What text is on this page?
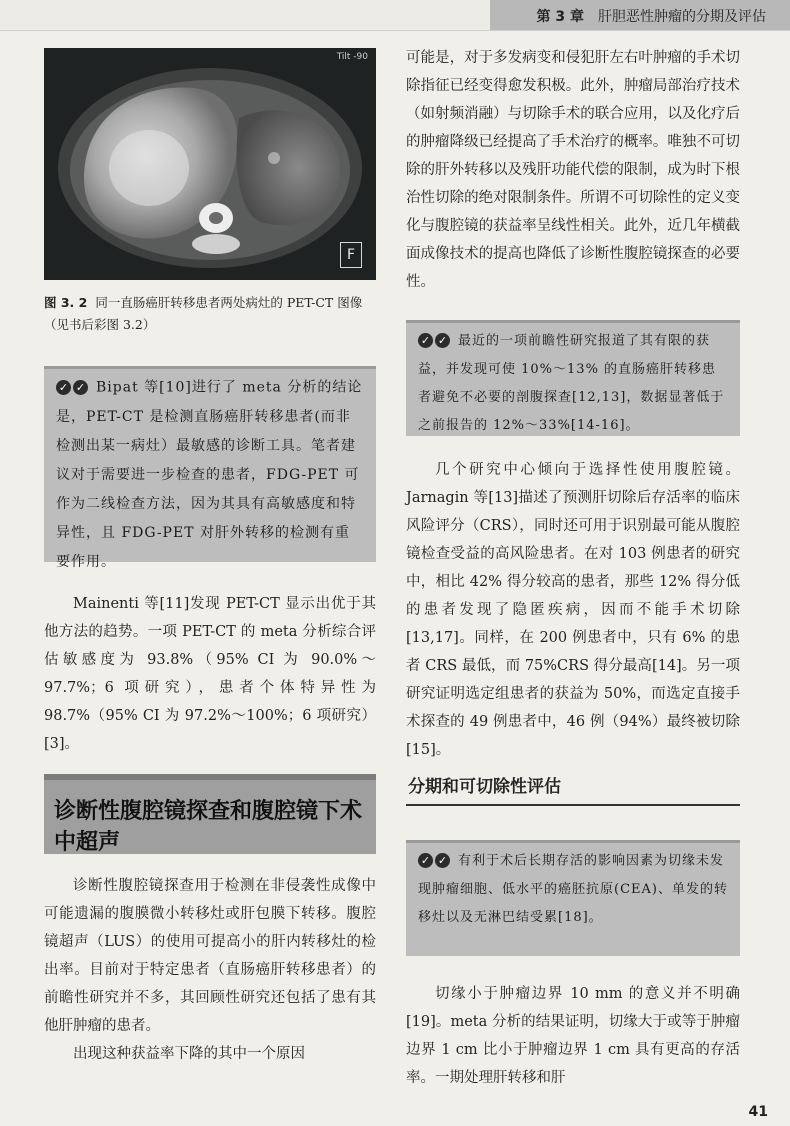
第 3 章 肝胆恶性肿瘤的分期及评估
Tilt -90
F
图 3. 2 同一直肠癌肝转移患者两处病灶的 PET-CT 图像（见书后彩图 3.2）
✓ ✓ Bipat 等[10]进行了 meta 分析的结论是，PET-CT 是检测直肠癌肝转移患者(而非检测出某一病灶）最敏感的诊断工具。笔者建议对于需要进一步检查的患者，FDG-PET 可作为二线检查方法，因为其具有高敏感度和特异性，且 FDG-PET 对肝外转移的检测有重要作用。

Mainenti 等[11]发现 PET-CT 显示出优于其他方法的趋势。一项 PET-CT 的 meta 分析综合评估敏感度为 93.8%（95% CI 为 90.0%～97.7%；6 项研究），患者个体特异性为 98.7%（95% CI 为 97.2%～100%；6 项研究）[3]。

诊断性腹腔镜探查和腹腔镜下术中超声

诊断性腹腔镜探查用于检测在非侵袭性成像中可能遗漏的腹膜微小转移灶或肝包膜下转移。腹腔镜超声（LUS）的使用可提高小的肝内转移灶的检出率。目前对于特定患者（直肠癌肝转移患者）的前瞻性研究并不多，其回顾性研究还包括了患有其他肝肿瘤的患者。

出现这种获益率下降的其中一个原因

可能是，对于多发病变和侵犯肝左右叶肿瘤的手术切除指征已经变得愈发积极。此外，肿瘤局部治疗技术（如射频消融）与切除手术的联合应用，以及化疗后的肿瘤降级已经提高了手术治疗的概率。唯独不可切除的肝外转移以及残肝功能代偿的限制，成为时下根治性切除的绝对限制条件。所谓不可切除性的定义变化与腹腔镜的获益率呈线性相关。此外，近几年横截面成像技术的提高也降低了诊断性腹腔镜探查的必要性。

✓ ✓ 最近的一项前瞻性研究报道了其有限的获益，并发现可使 10%～13% 的直肠癌肝转移患者避免不必要的剖腹探查[12,13]，数据显著低于之前报告的 12%～33%[14-16]。

几个研究中心倾向于选择性使用腹腔镜。Jarnagin 等[13]描述了预测肝切除后存活率的临床风险评分（CRS），同时还可用于识别最可能从腹腔镜检查受益的高风险患者。在对 103 例患者的研究中，相比 42% 得分较高的患者，那些 12% 得分低的患者发现了隐匿疾病，因而不能手术切除[13,17]。同样，在 200 例患者中，只有 6% 的患者 CRS 最低，而 75%CRS 得分最高[14]。另一项研究证明选定组患者的获益为 50%，而选定直接手术探查的 49 例患者中，46 例（94%）最终被切除[15]。

分期和可切除性评估
✓ ✓ 有利于术后长期存活的影响因素为切缘未发现肿瘤细胞、低水平的癌胚抗原(CEA)、单发的转移灶以及无淋巴结受累[18]。

切缘小于肿瘤边界 10 mm 的意义并不明确[19]。meta 分析的结果证明，切缘大于或等于肿瘤边界 1 cm 比小于肿瘤边界 1 cm 具有更高的存活率。一期处理肝转移和肝

41
